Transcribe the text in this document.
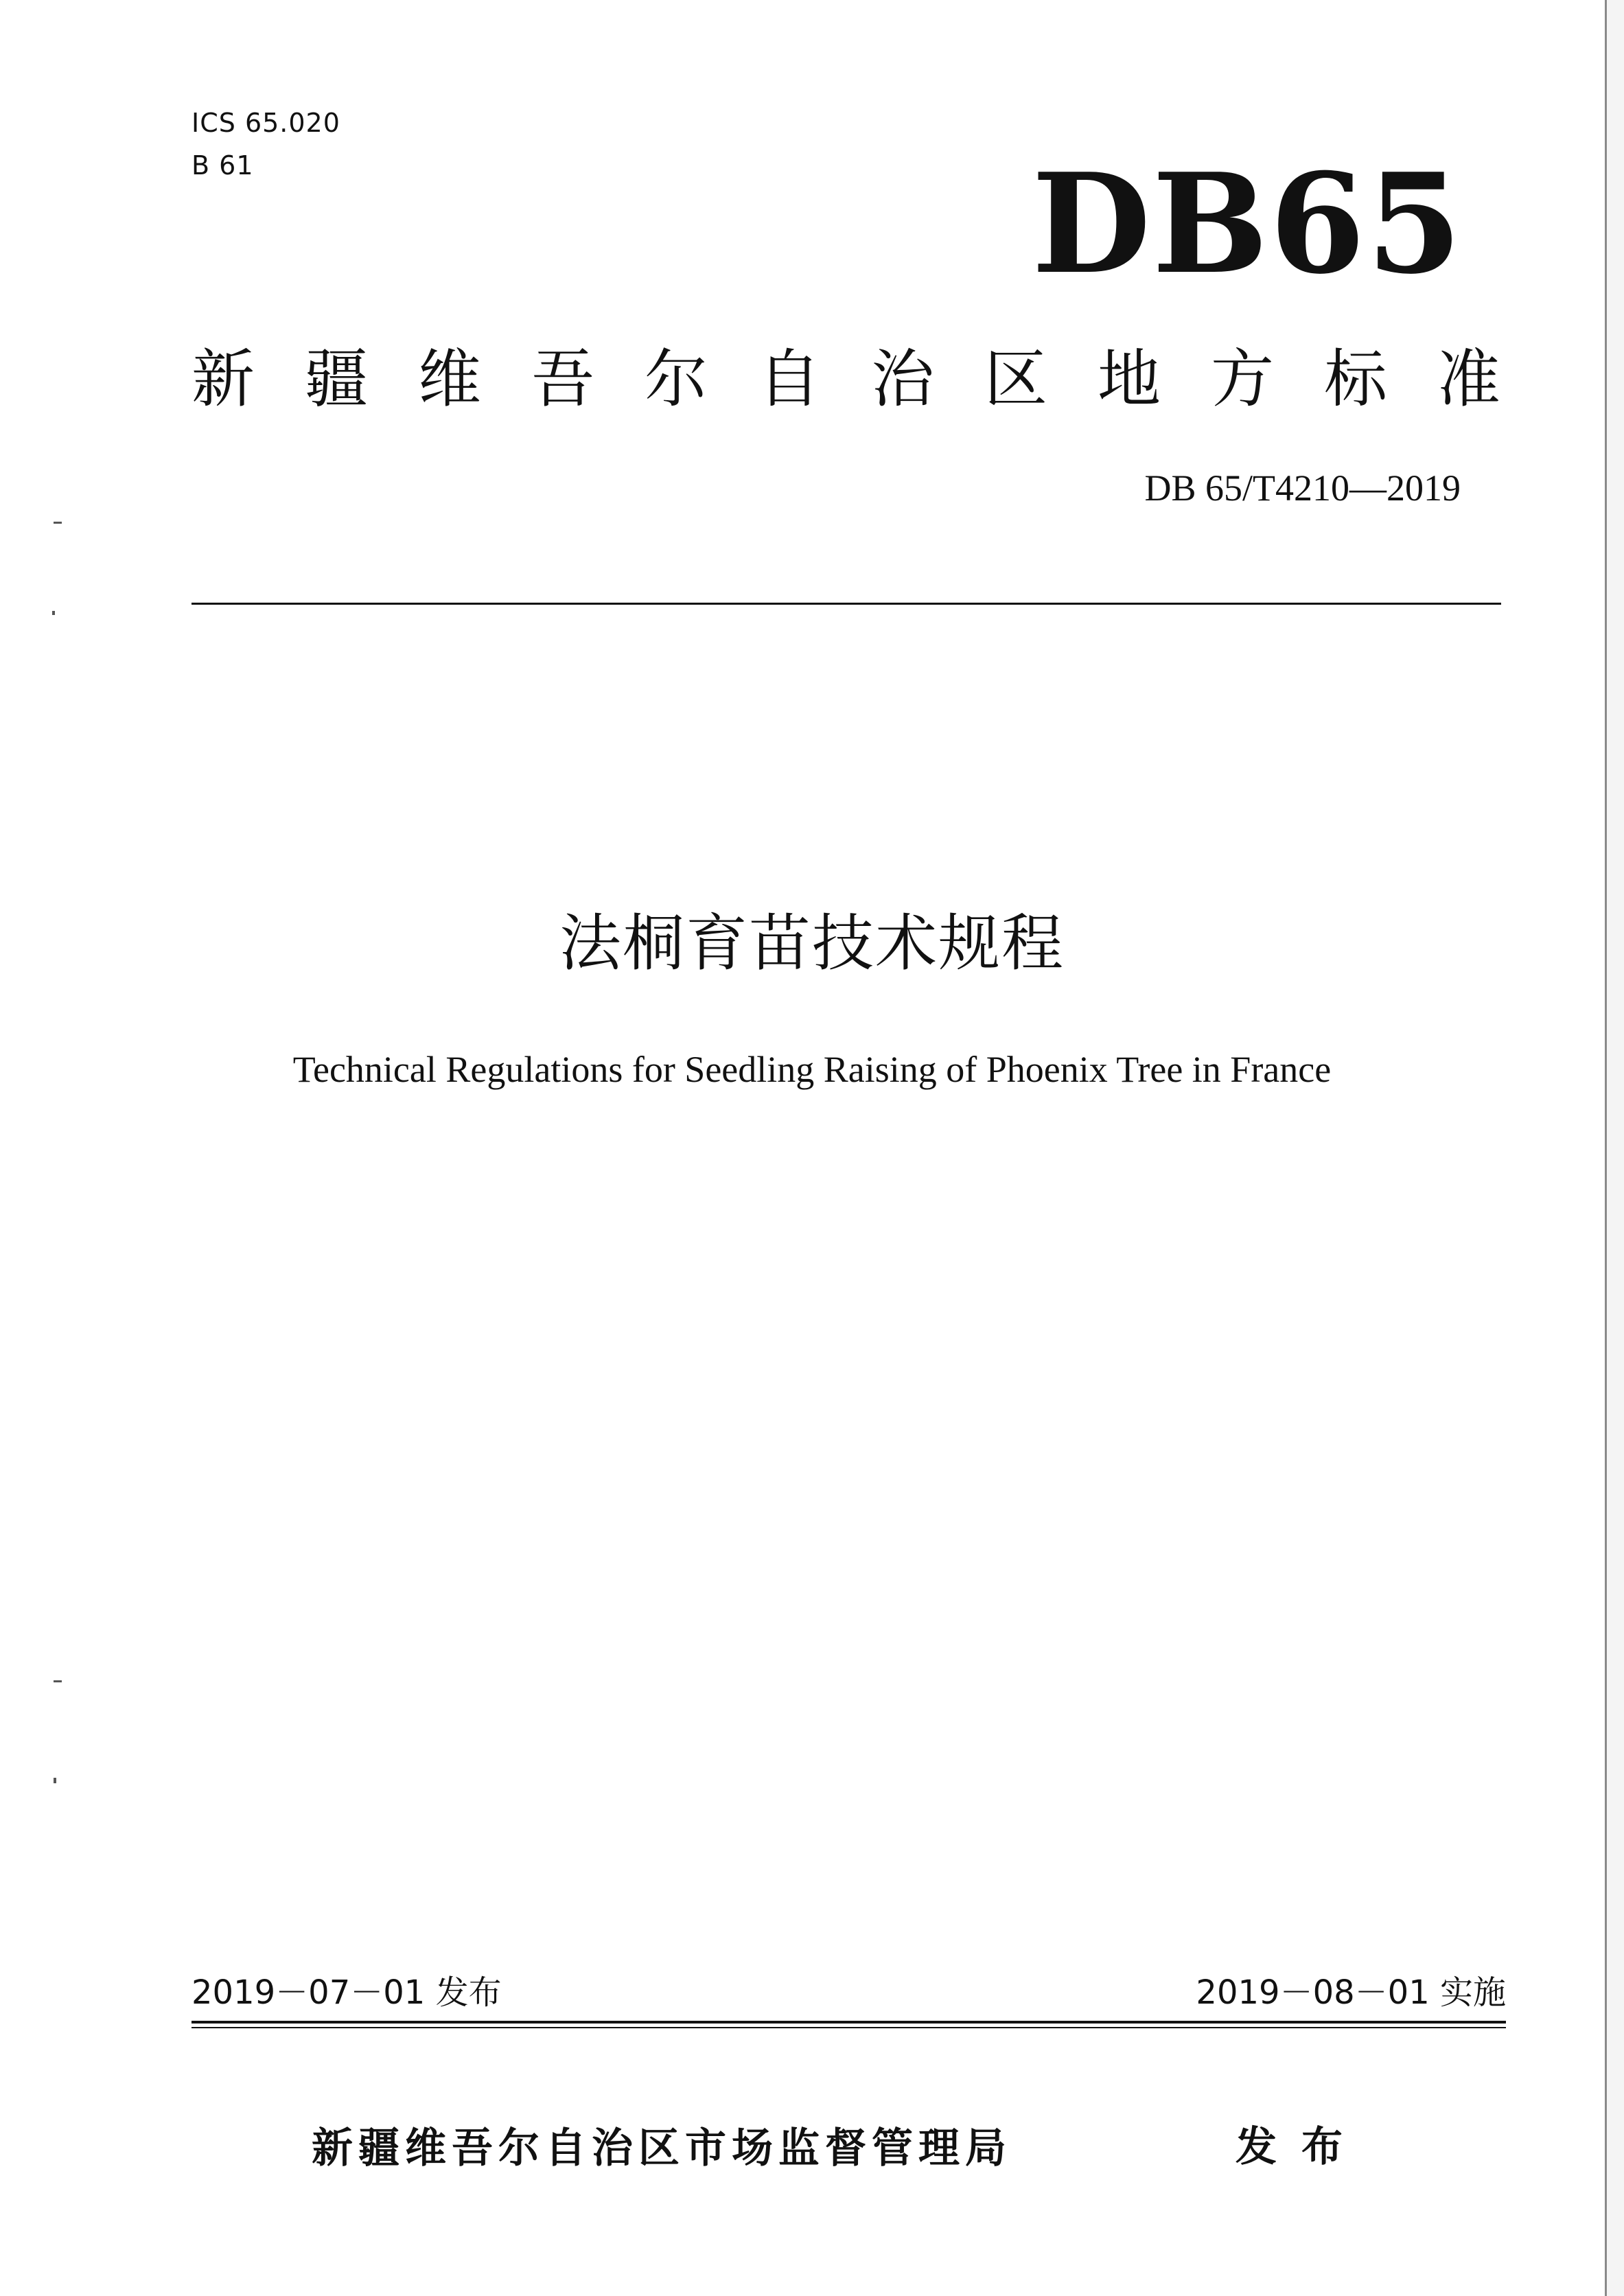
ICS 65.020
B 61	DB65
新疆维吾尔自治区地方标准
DB 65/T4210—2019
法桐育苗技术规程
Technical Regulations for Seedling Raising of Phoenix Tree in France
2019－07－01 发布	2019－08－01 实施
新疆维吾尔自治区市场监督管理局	发布
